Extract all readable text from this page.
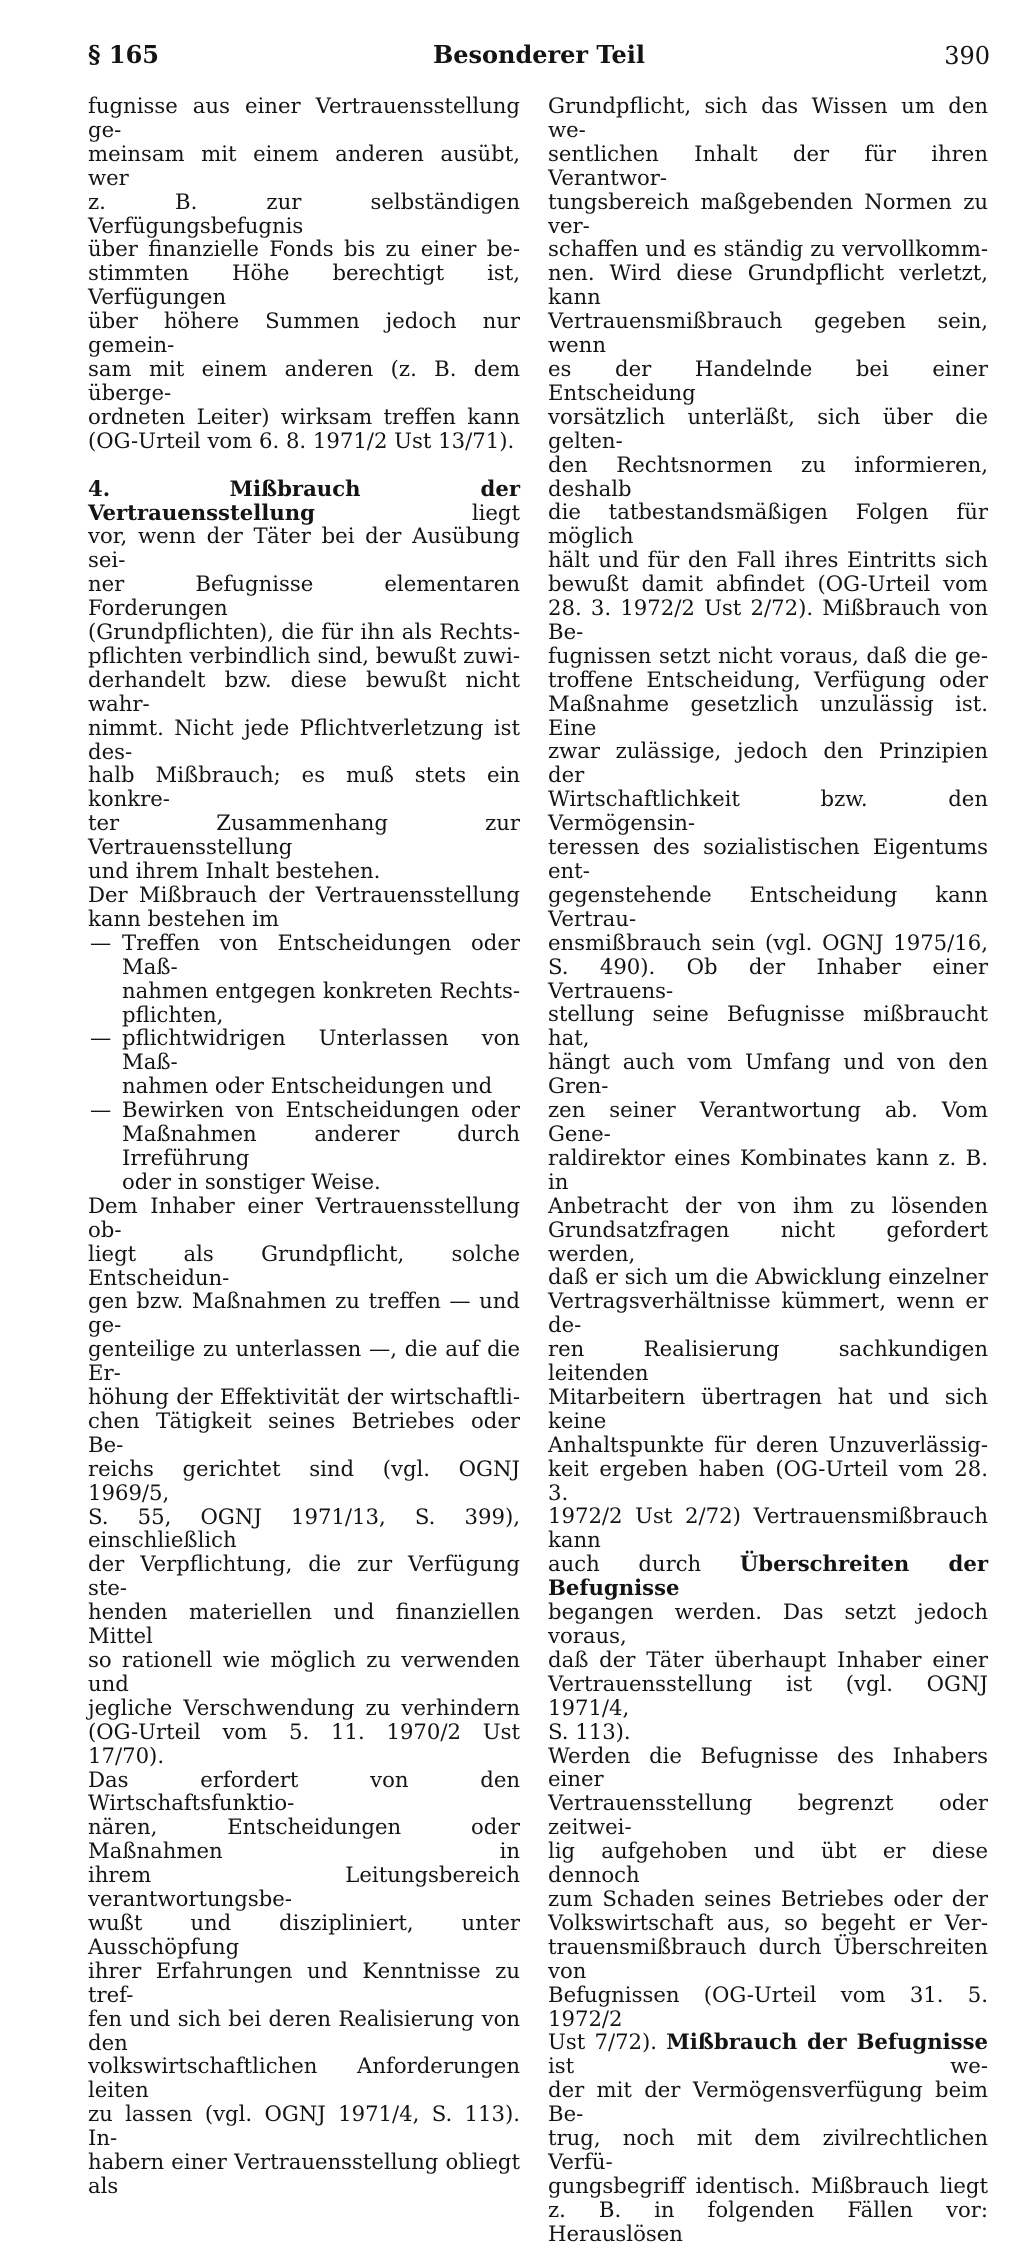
§ 165	Besonderer Teil	390
fugnisse aus einer Vertrauensstellung ge-
meinsam mit einem anderen ausübt, wer
z. B. zur selbständigen Verfügungsbefugnis
über finanzielle Fonds bis zu einer be-
stimmten Höhe berechtigt ist, Verfügungen
über höhere Summen jedoch nur gemein-
sam mit einem anderen (z. B. dem überge-
ordneten Leiter) wirksam treffen kann
(OG-Urteil vom 6. 8. 1971/2 Ust 13/71).
4.	Mißbrauch der Vertrauensstellung	liegt
vor, wenn der Täter bei der Ausübung sei-
ner Befugnisse elementaren Forderungen
(Grundpflichten), die für ihn als Rechts-
pflichten verbindlich sind, bewußt zuwi-
derhandelt bzw. diese bewußt nicht wahr-
nimmt. Nicht jede Pflichtverletzung ist des-
halb Mißbrauch; es muß stets ein konkre-
ter Zusammenhang zur Vertrauensstellung
und ihrem Inhalt bestehen.
Der Mißbrauch der Vertrauensstellung
kann bestehen im
— Treffen von Entscheidungen oder Maß-
nahmen entgegen konkreten Rechts-
pflichten,
— pflichtwidrigen Unterlassen von Maß-
nahmen oder Entscheidungen und
— Bewirken von Entscheidungen oder
Maßnahmen anderer durch Irreführung
oder in sonstiger Weise.
Dem Inhaber einer Vertrauensstellung ob-
liegt als Grundpflicht, solche Entscheidun-
gen bzw. Maßnahmen zu treffen — und ge-
genteilige zu unterlassen —, die auf die Er-
höhung der Effektivität der wirtschaftli-
chen Tätigkeit seines Betriebes oder Be-
reichs gerichtet sind (vgl. OGNJ 1969/5,
S. 55, OGNJ 1971/13, S. 399), einschließlich
der Verpflichtung, die zur Verfügung ste-
henden materiellen und finanziellen Mittel
so rationell wie möglich zu verwenden und
jegliche Verschwendung zu verhindern
(OG-Urteil vom 5. 11. 1970/2 Ust 17/70).
Das erfordert von den Wirtschaftsfunktio-
nären, Entscheidungen oder Maßnahmen in
ihrem Leitungsbereich verantwortungsbe-
wußt und diszipliniert, unter Ausschöpfung
ihrer Erfahrungen und Kenntnisse zu tref-
fen und sich bei deren Realisierung von den
volkswirtschaftlichen Anforderungen leiten
zu lassen (vgl. OGNJ 1971/4, S. 113). In-
habern einer Vertrauensstellung obliegt als
Grundpflicht, sich das Wissen um den we-
sentlichen Inhalt der für ihren Verantwor-
tungsbereich maßgebenden Normen zu ver-
schaffen und es ständig zu vervollkomm-
nen. Wird diese Grundpflicht verletzt, kann
Vertrauensmißbrauch gegeben sein, wenn
es der Handelnde bei einer Entscheidung
vorsätzlich unterläßt, sich über die gelten-
den Rechtsnormen zu informieren, deshalb
die tatbestandsmäßigen Folgen für möglich
hält und für den Fall ihres Eintritts sich
bewußt damit abfindet (OG-Urteil vom
28. 3. 1972/2 Ust 2/72). Mißbrauch von Be-
fugnissen setzt nicht voraus, daß die ge-
troffene Entscheidung, Verfügung oder
Maßnahme gesetzlich unzulässig ist. Eine
zwar zulässige, jedoch den Prinzipien der
Wirtschaftlichkeit bzw. den Vermögensin-
teressen des sozialistischen Eigentums ent-
gegenstehende Entscheidung kann Vertrau-
ensmißbrauch sein (vgl. OGNJ 1975/16,
S. 490). Ob der Inhaber einer Vertrauens-
stellung seine Befugnisse mißbraucht hat,
hängt auch vom Umfang und von den Gren-
zen seiner Verantwortung ab. Vom Gene-
raldirektor eines Kombinates kann z. B. in
Anbetracht der von ihm zu lösenden
Grundsatzfragen nicht gefordert werden,
daß er sich um die Abwicklung einzelner
Vertragsverhältnisse kümmert, wenn er de-
ren Realisierung sachkundigen leitenden
Mitarbeitern übertragen hat und sich keine
Anhaltspunkte für deren Unzuverlässig-
keit ergeben haben (OG-Urteil vom 28. 3.
1972/2 Ust 2/72) Vertrauensmißbrauch kann
auch durch Überschreiten der Befugnisse
begangen werden. Das setzt jedoch voraus,
daß der Täter überhaupt Inhaber einer
Vertrauensstellung ist (vgl. OGNJ 1971/4,
S. 113).
Werden die Befugnisse des Inhabers einer
Vertrauensstellung begrenzt oder zeitwei-
lig aufgehoben und übt er diese dennoch
zum Schaden seines Betriebes oder der
Volkswirtschaft aus, so begeht er Ver-
trauensmißbrauch durch Überschreiten von
Befugnissen (OG-Urteil vom 31. 5. 1972/2
Ust 7/72). Mißbrauch der Befugnisse ist we-
der mit der Vermögensverfügung beim Be-
trug, noch mit dem zivilrechtlichen Verfü-
gungsbegriff identisch. Mißbrauch liegt
z. B. in folgenden Fällen vor: Herauslösen
